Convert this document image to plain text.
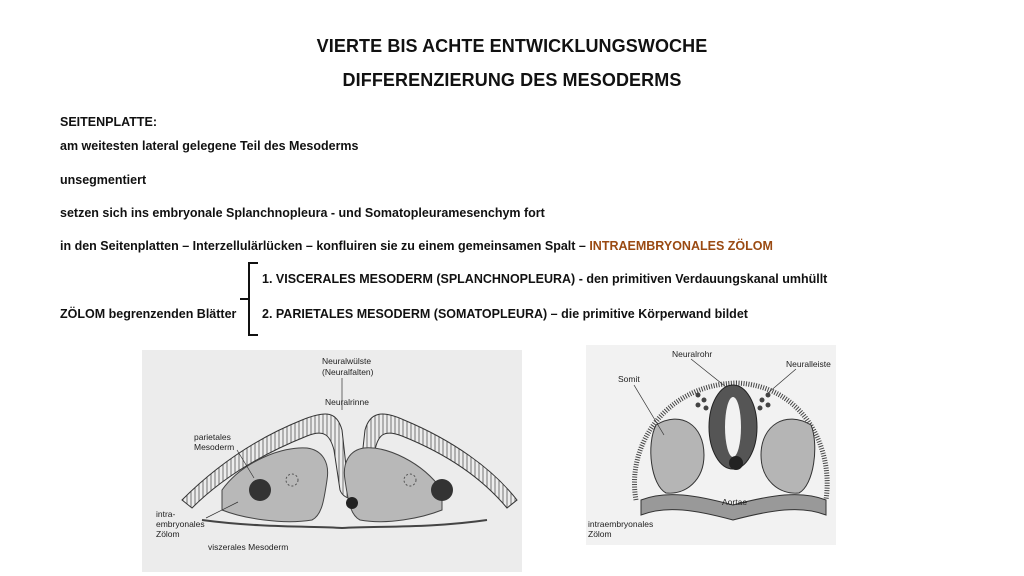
VIERTE BIS ACHTE ENTWICKLUNGSWOCHE
DIFFERENZIERUNG DES MESODERMS
SEITENPLATTE:
am weitesten lateral gelegene Teil des Mesoderms
unsegmentiert
setzen sich ins embryonale Splanchnopleura - und Somatopleuramesenchym fort
in den Seitenplatten – Interzellulärlücken – konfluiren sie zu einem gemeinsamen Spalt – INTRAEMBRYONALES ZÖLOM
1. VISCERALES MESODERM (SPLANCHNOPLEURA) - den primitiven Verdauungskanal umhüllt
2. PARIETALES MESODERM (SOMATOPLEURA) – die primitive Körperwand bildet
ZÖLOM begrenzenden Blätter
Neuralwülste
(Neuralfalten)
Neuralrinne
parietales
Mesoderm
intra-
embryonales
Zölom
viszerales Mesoderm
Neuralrohr
Neuralleiste
Somit
Aortae
intraembryonales
Zölom
